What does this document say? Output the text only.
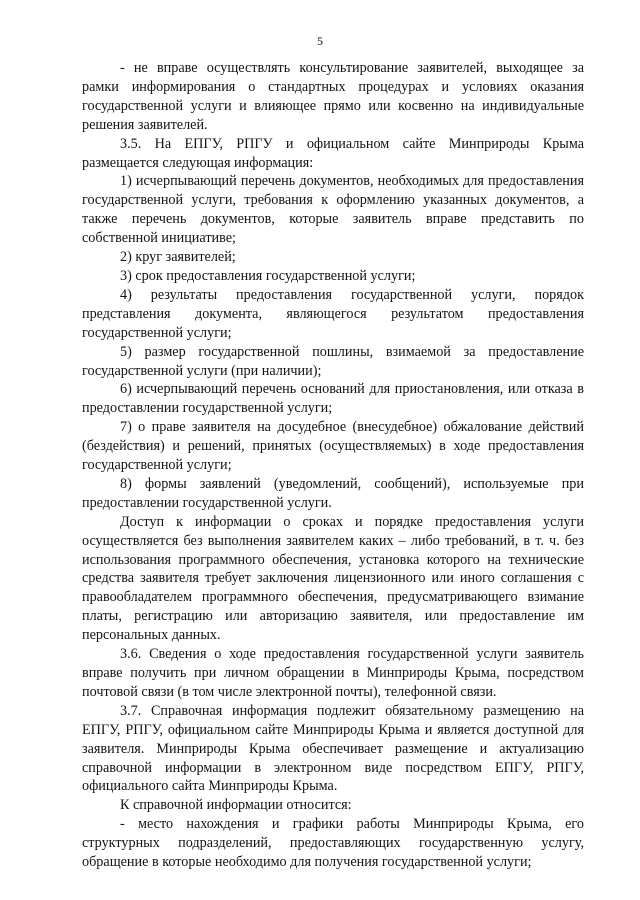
5

- не вправе осуществлять консультирование заявителей, выходящее за рамки информирования о стандартных процедурах и условиях оказания государственной услуги и влияющее прямо или косвенно на индивидуальные решения заявителей.

3.5. На ЕПГУ, РПГУ и официальном сайте Минприроды Крыма размещается следующая информация:

1) исчерпывающий перечень документов, необходимых для предоставления государственной услуги, требования к оформлению указанных документов, а также перечень документов, которые заявитель вправе представить по собственной инициативе;

2) круг заявителей;

3) срок предоставления государственной услуги;

4) результаты предоставления государственной услуги, порядок представления документа, являющегося результатом предоставления государственной услуги;

5) размер государственной пошлины, взимаемой за предоставление государственной услуги (при наличии);

6) исчерпывающий перечень оснований для приостановления, или отказа в предоставлении государственной услуги;

7) о праве заявителя на досудебное (внесудебное) обжалование действий (бездействия) и решений, принятых (осуществляемых) в ходе предоставления государственной услуги;

8) формы заявлений (уведомлений, сообщений), используемые при предоставлении государственной услуги.

Доступ к информации о сроках и порядке предоставления услуги осуществляется без выполнения заявителем каких – либо требований, в т. ч. без использования программного обеспечения, установка которого на технические средства заявителя требует заключения лицензионного или иного соглашения с правообладателем программного обеспечения, предусматривающего взимание платы, регистрацию или авторизацию заявителя, или предоставление им персональных данных.

3.6. Сведения о ходе предоставления государственной услуги заявитель вправе получить при личном обращении в Минприроды Крыма, посредством почтовой связи (в том числе электронной почты), телефонной связи.

3.7. Справочная информация подлежит обязательному размещению на ЕПГУ, РПГУ, официальном сайте Минприроды Крыма и является доступной для заявителя. Минприроды Крыма обеспечивает размещение и актуализацию справочной информации в электронном виде посредством ЕПГУ, РПГУ, официального сайта Минприроды Крыма.

К справочной информации относится:

- место нахождения и графики работы Минприроды Крыма, его структурных подразделений, предоставляющих государственную услугу, обращение в которые необходимо для получения государственной услуги;
